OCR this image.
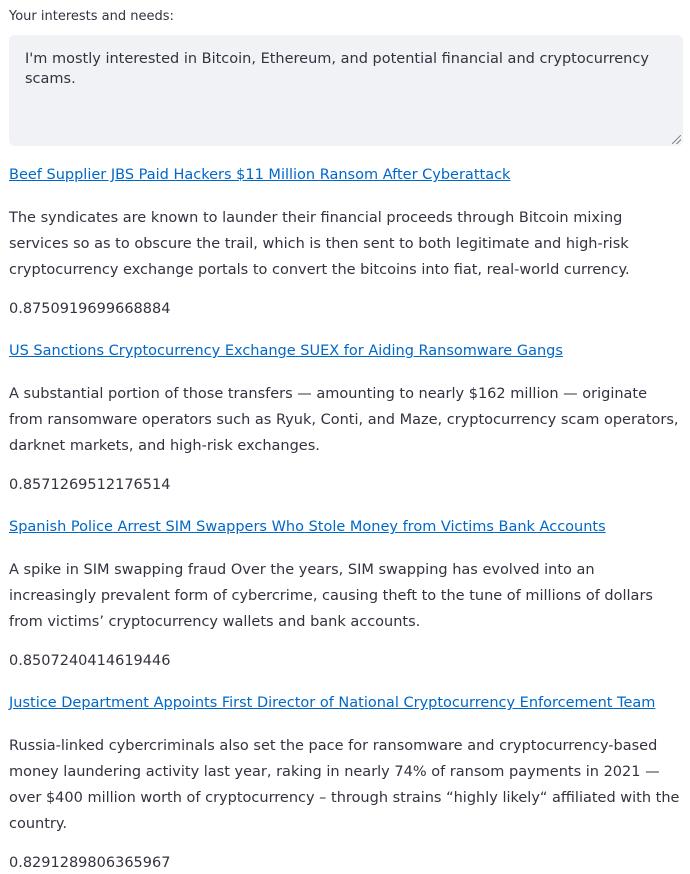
Your interests and needs:
I'm mostly interested in Bitcoin, Ethereum, and potential financial and cryptocurrency scams.
Beef Supplier JBS Paid Hackers $11 Million Ransom After Cyberattack
The syndicates are known to launder their financial proceeds through Bitcoin mixing services so as to obscure the trail, which is then sent to both legitimate and high-risk cryptocurrency exchange portals to convert the bitcoins into fiat, real-world currency.
0.8750919699668884
US Sanctions Cryptocurrency Exchange SUEX for Aiding Ransomware Gangs
A substantial portion of those transfers — amounting to nearly $162 million — originate from ransomware operators such as Ryuk, Conti, and Maze, cryptocurrency scam operators, darknet markets, and high-risk exchanges.
0.8571269512176514
Spanish Police Arrest SIM Swappers Who Stole Money from Victims Bank Accounts
A spike in SIM swapping fraud Over the years, SIM swapping has evolved into an increasingly prevalent form of cybercrime, causing theft to the tune of millions of dollars from victims’ cryptocurrency wallets and bank accounts.
0.8507240414619446
Justice Department Appoints First Director of National Cryptocurrency Enforcement Team
Russia-linked cybercriminals also set the pace for ransomware and cryptocurrency-based money laundering activity last year, raking in nearly 74% of ransom payments in 2021 — over $400 million worth of cryptocurrency – through strains “highly likely“ affiliated with the country.
0.8291289806365967
